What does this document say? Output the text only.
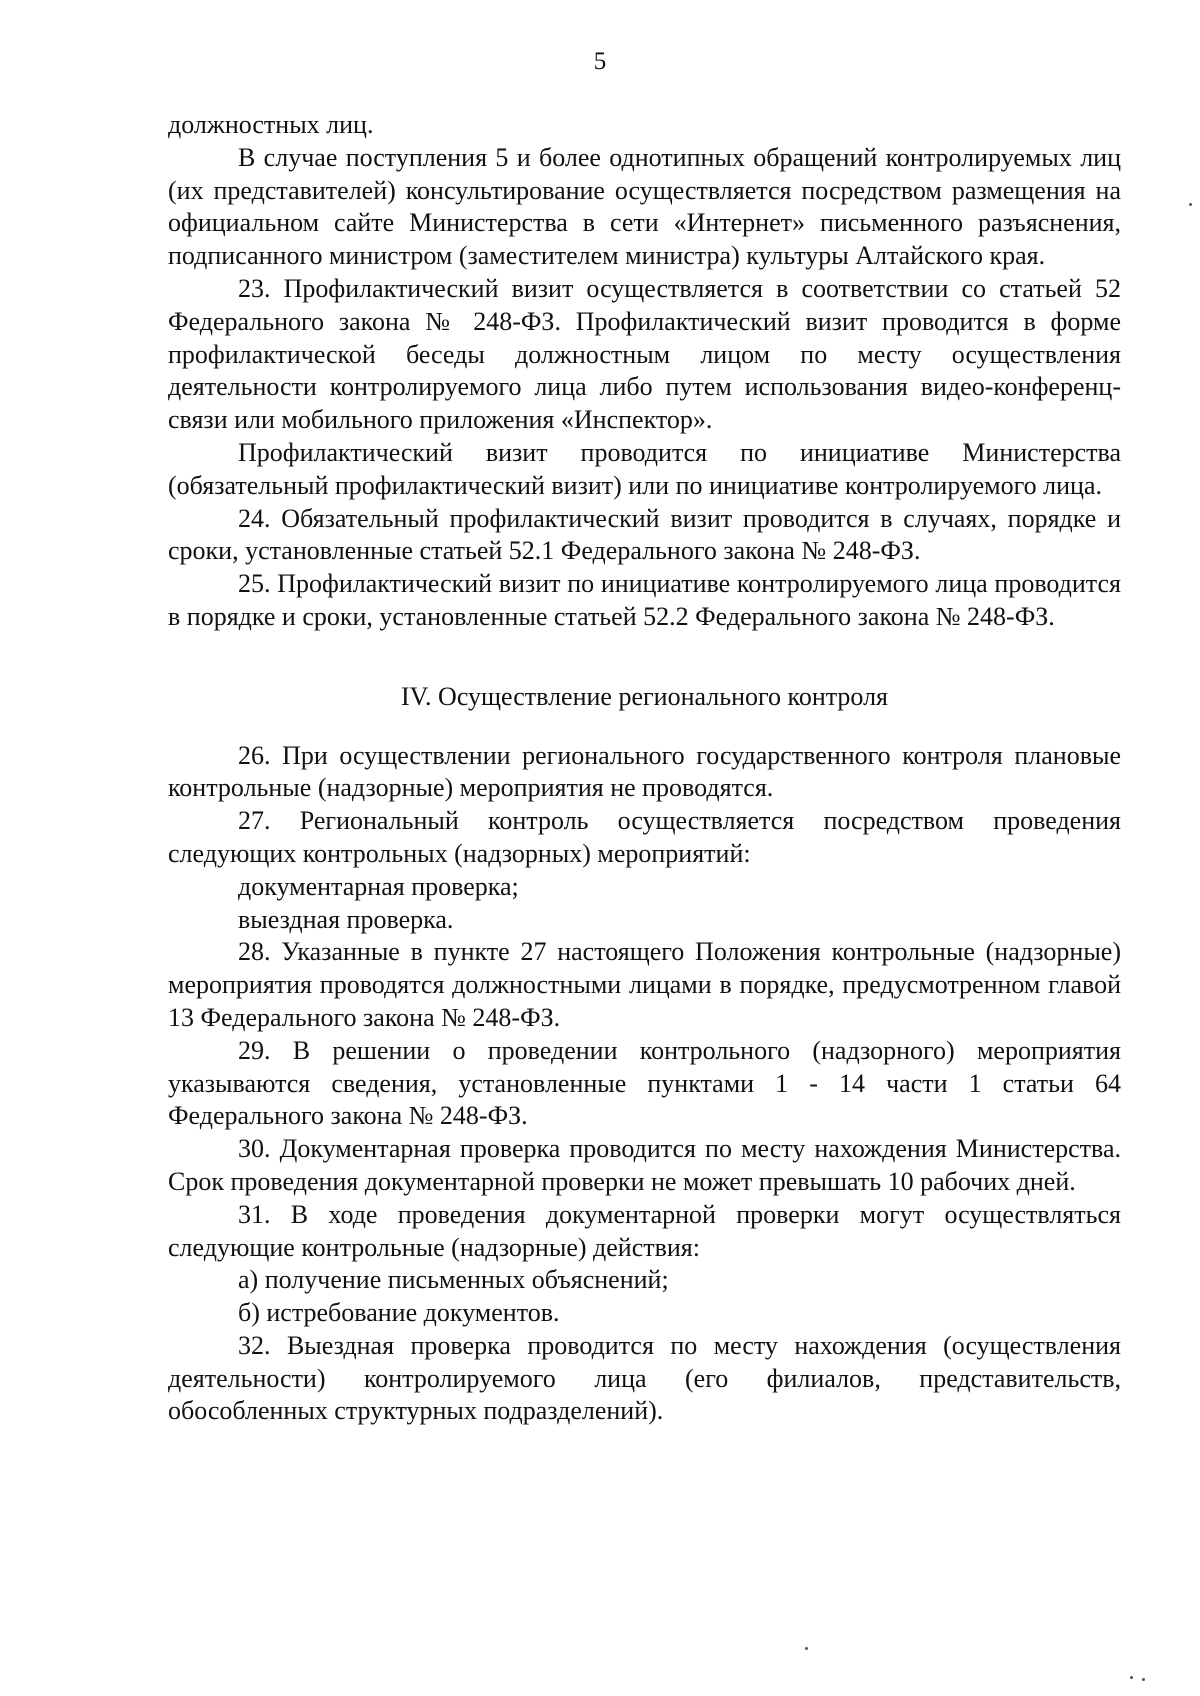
5

должностных лиц.

В случае поступления 5 и более однотипных обращений контролируемых лиц (их представителей) консультирование осуществляется посредством размещения на официальном сайте Министерства в сети «Интернет» письменного разъяснения, подписанного министром (заместителем министра) культуры Алтайского края.

23. Профилактический визит осуществляется в соответствии со статьей 52 Федерального закона № 248-ФЗ. Профилактический визит проводится в форме профилактической беседы должностным лицом по месту осуществления деятельности контролируемого лица либо путем использования видео-конференц-связи или мобильного приложения «Инспектор».

Профилактический визит проводится по инициативе Министерства (обязательный профилактический визит) или по инициативе контролируемого лица.

24. Обязательный профилактический визит проводится в случаях, порядке и сроки, установленные статьей 52.1 Федерального закона № 248-ФЗ.

25. Профилактический визит по инициативе контролируемого лица проводится в порядке и сроки, установленные статьей 52.2 Федерального закона № 248-ФЗ.

IV. Осуществление регионального контроля

26. При осуществлении регионального государственного контроля плановые контрольные (надзорные) мероприятия не проводятся.

27. Региональный контроль осуществляется посредством проведения следующих контрольных (надзорных) мероприятий:

документарная проверка;

выездная проверка.

28. Указанные в пункте 27 настоящего Положения контрольные (надзорные) мероприятия проводятся должностными лицами в порядке, предусмотренном главой 13 Федерального закона № 248-ФЗ.

29. В решении о проведении контрольного (надзорного) мероприятия указываются сведения, установленные пунктами 1 - 14 части 1 статьи 64 Федерального закона № 248-ФЗ.

30. Документарная проверка проводится по месту нахождения Министерства. Срок проведения документарной проверки не может превышать 10 рабочих дней.

31. В ходе проведения документарной проверки могут осуществляться следующие контрольные (надзорные) действия:

а) получение письменных объяснений;

б) истребование документов.

32. Выездная проверка проводится по месту нахождения (осуществления деятельности) контролируемого лица (его филиалов, представительств, обособленных структурных подразделений).
